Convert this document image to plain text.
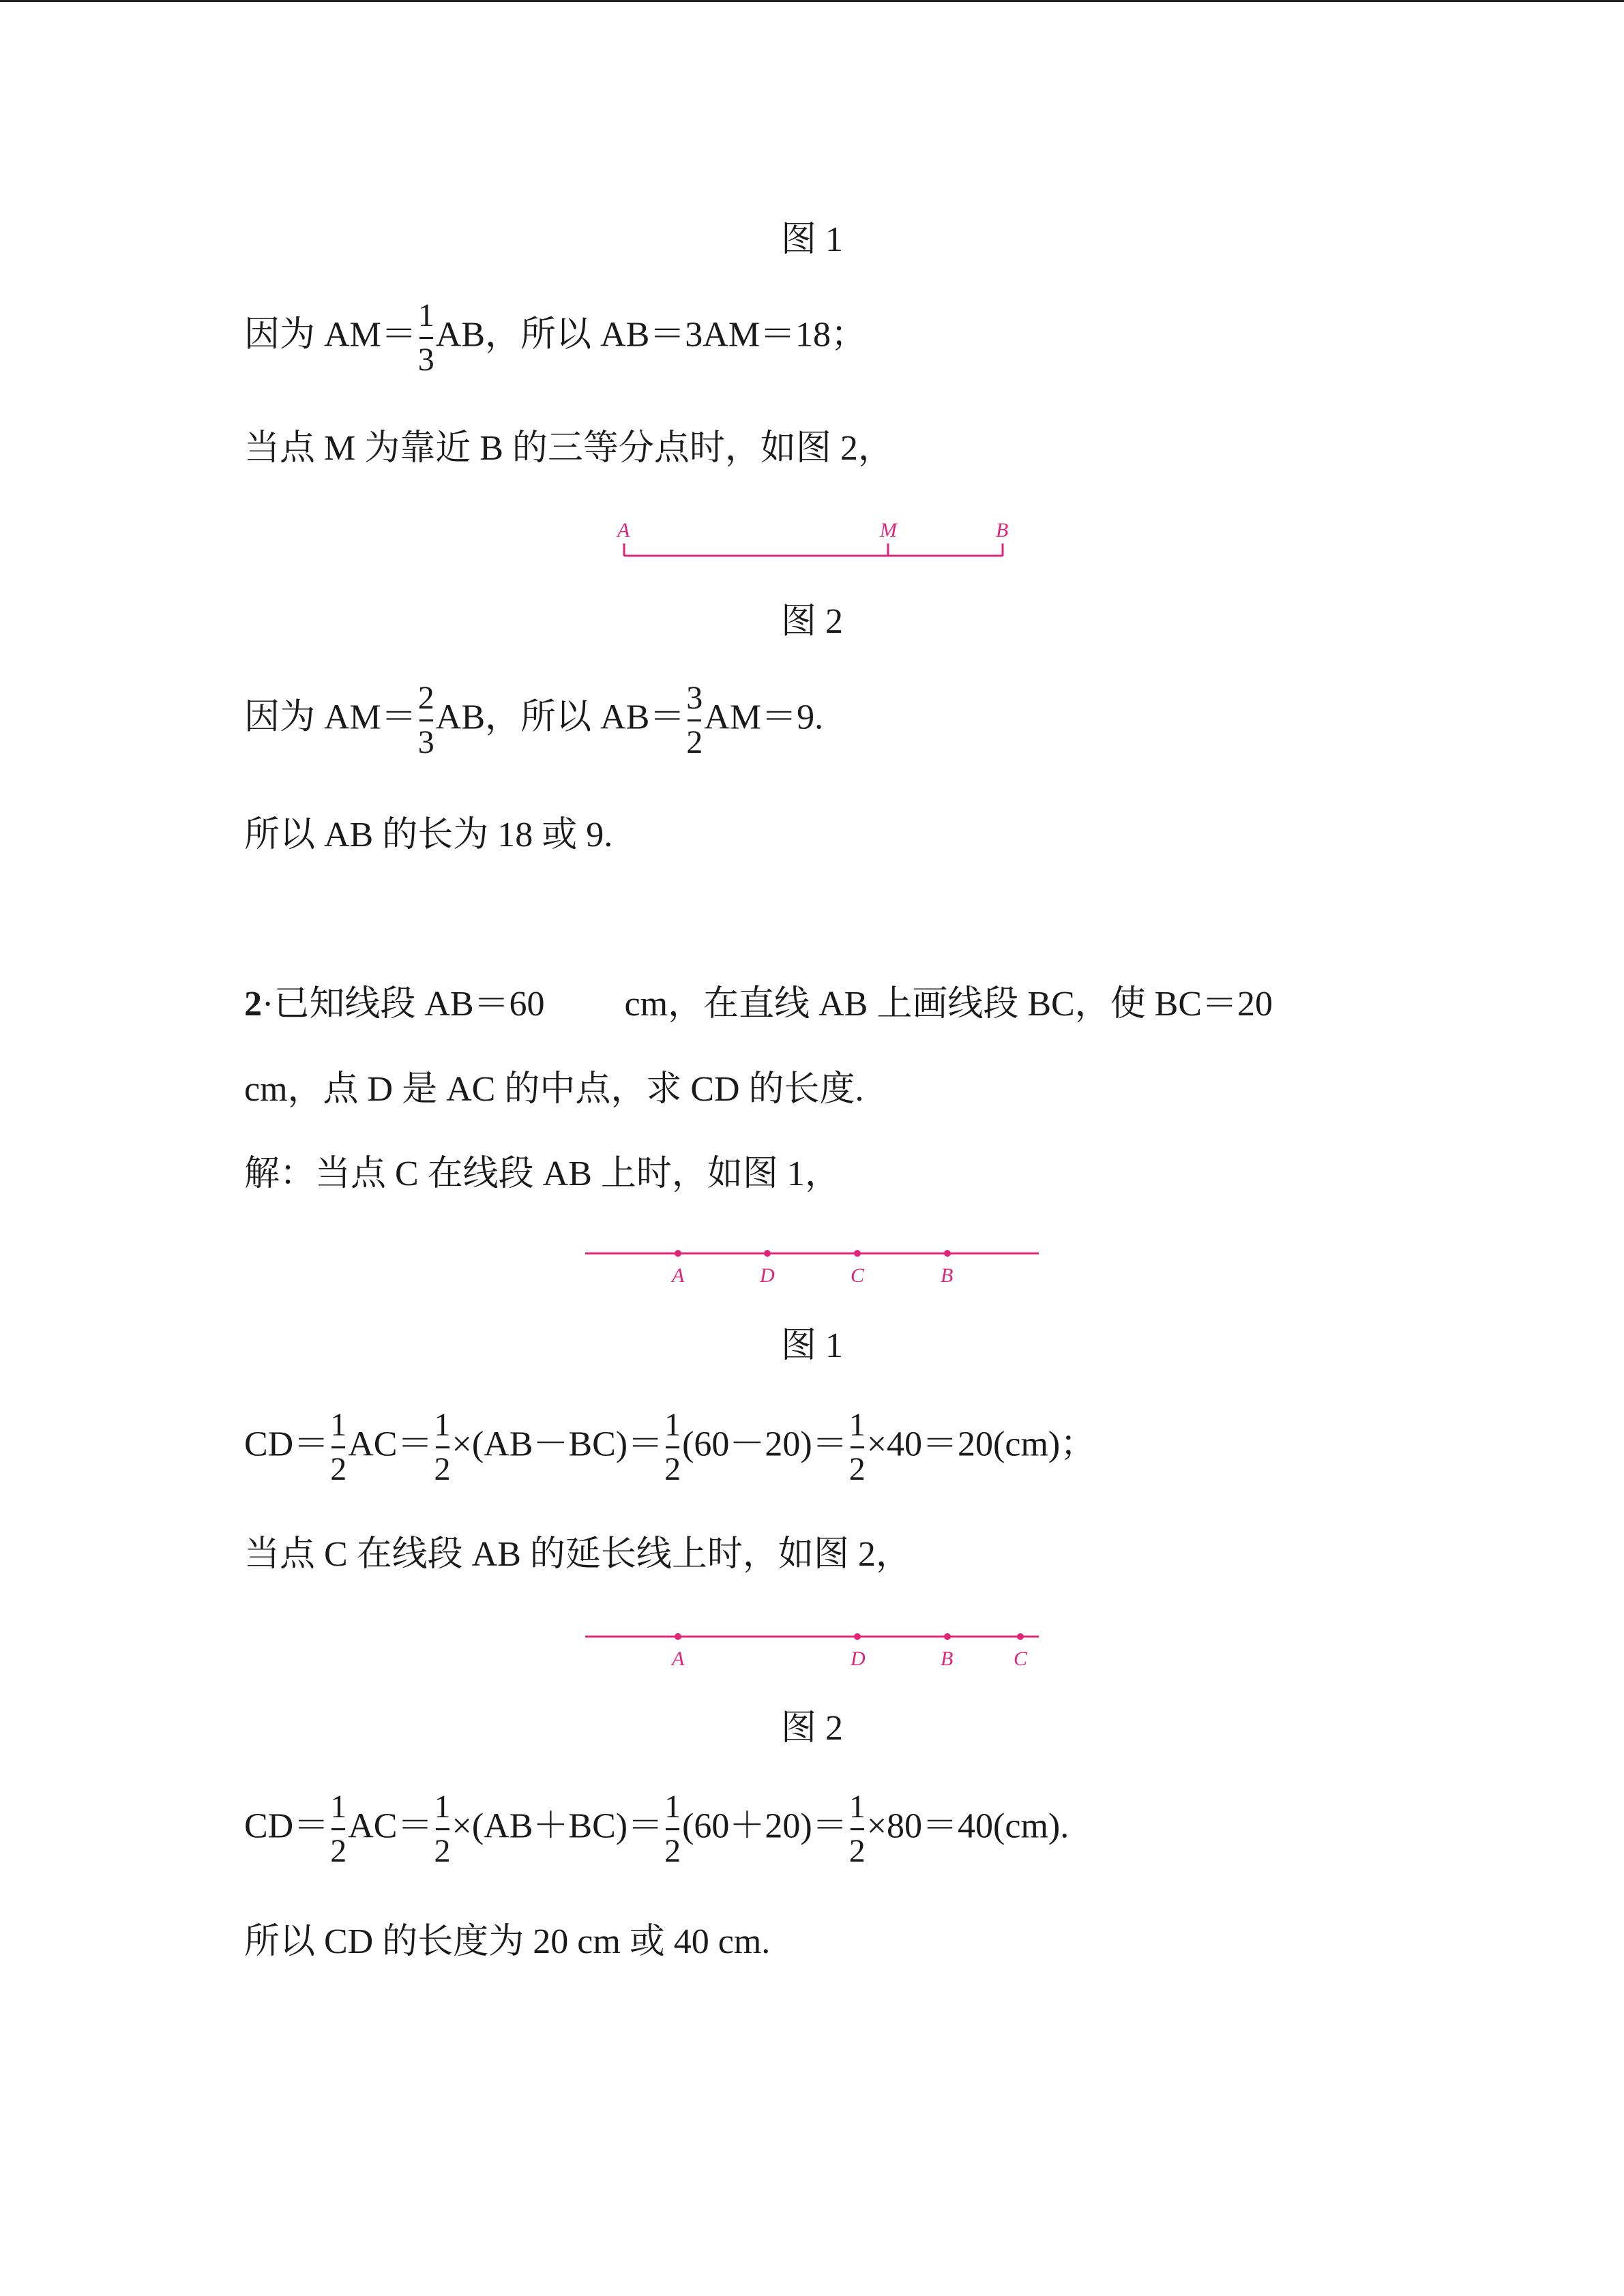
图 1
因为 $AM= \frac{1}{3}$ AB，所以 AB＝3AM＝18；
当点 M 为靠近 B 的三等分点时，如图 2，
A	M	B
图 2
因为 $AM= \frac{2}{3}$ AB，所以 $AB= \frac{3}{2} AM=9$.
所以 AB 的长为 18 或 9.
2·已知线段 AB＝60　　 cm，在直线 AB 上画线段 BC，使 BC＝20
cm，点 D 是 AC 的中点，求 CD 的长度.
解：当点 C 在线段 AB 上时，如图 1，
A	D	C	B
图 1
$CD= \frac{1}{2} AC= \frac{1}{2} \times(AB-BC)= \frac{1}{2} (60-20)= \frac{1}{2} \times 40=20(cm)$；
当点 C 在线段 AB 的延长线上时，如图 2，
A	D	B	C
图 2
$CD= \frac{1}{2} AC= \frac{1}{2} \times(AB+BC)= \frac{1}{2} (60+20)= \frac{1}{2} \times 80=40(cm)$.
所以 CD 的长度为 20 cm 或 40 cm.
